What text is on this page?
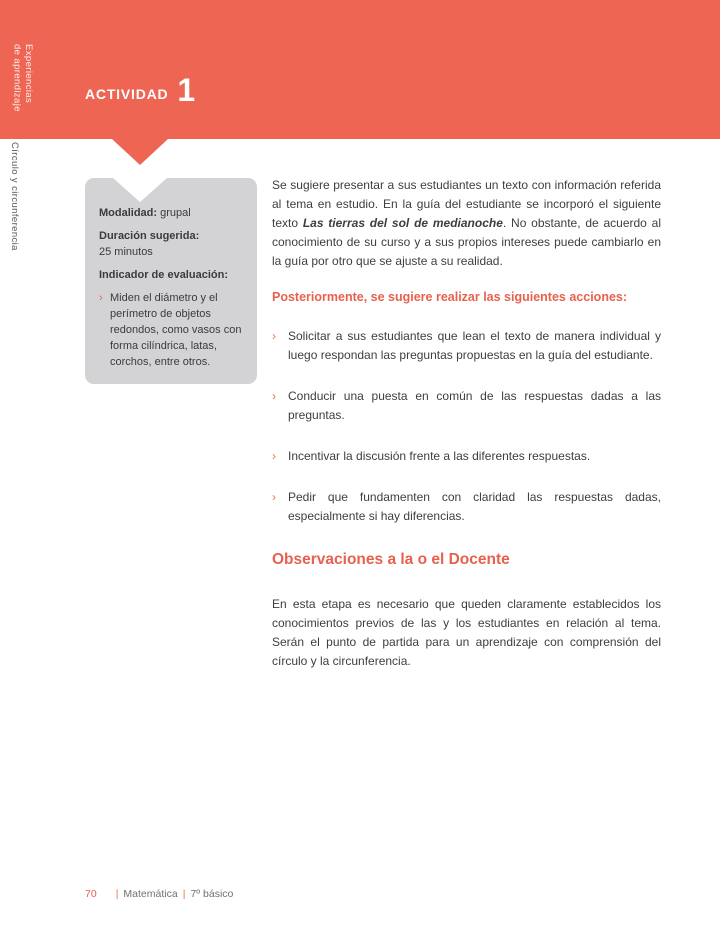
Experiencias
de aprendizaje
Círculo y circunferencia
ACTIVIDAD 1

Modalidad: grupal

Duración sugerida:
25 minutos

Indicador de evaluación:

› Miden el diámetro y el perímetro de objetos redondos, como vasos con forma cilíndrica, latas, corchos, entre otros.

Se sugiere presentar a sus estudiantes un texto con información referida al tema en estudio. En la guía del estudiante se incorporó el siguiente texto Las tierras del sol de medianoche. No obstante, de acuerdo al conocimiento de su curso y a sus propios intereses puede cambiarlo en la guía por otro que se ajuste a su realidad.

Posteriormente, se sugiere realizar las siguientes acciones:
›	Solicitar a sus estudiantes que lean el texto de manera individual y luego respondan las preguntas propuestas en la guía del estudiante.
›	Conducir una puesta en común de las respuestas dadas a las preguntas.
›	Incentivar la discusión frente a las diferentes respuestas.
›	Pedir que fundamenten con claridad las respuestas dadas, especialmente si hay diferencias.
Observaciones a la o el Docente

En esta etapa es necesario que queden claramente establecidos los conocimientos previos de las y los estudiantes en relación al tema. Serán el punto de partida para un aprendizaje con comprensión del círculo y la circunferencia.

70 | Matemática | 7º básico
